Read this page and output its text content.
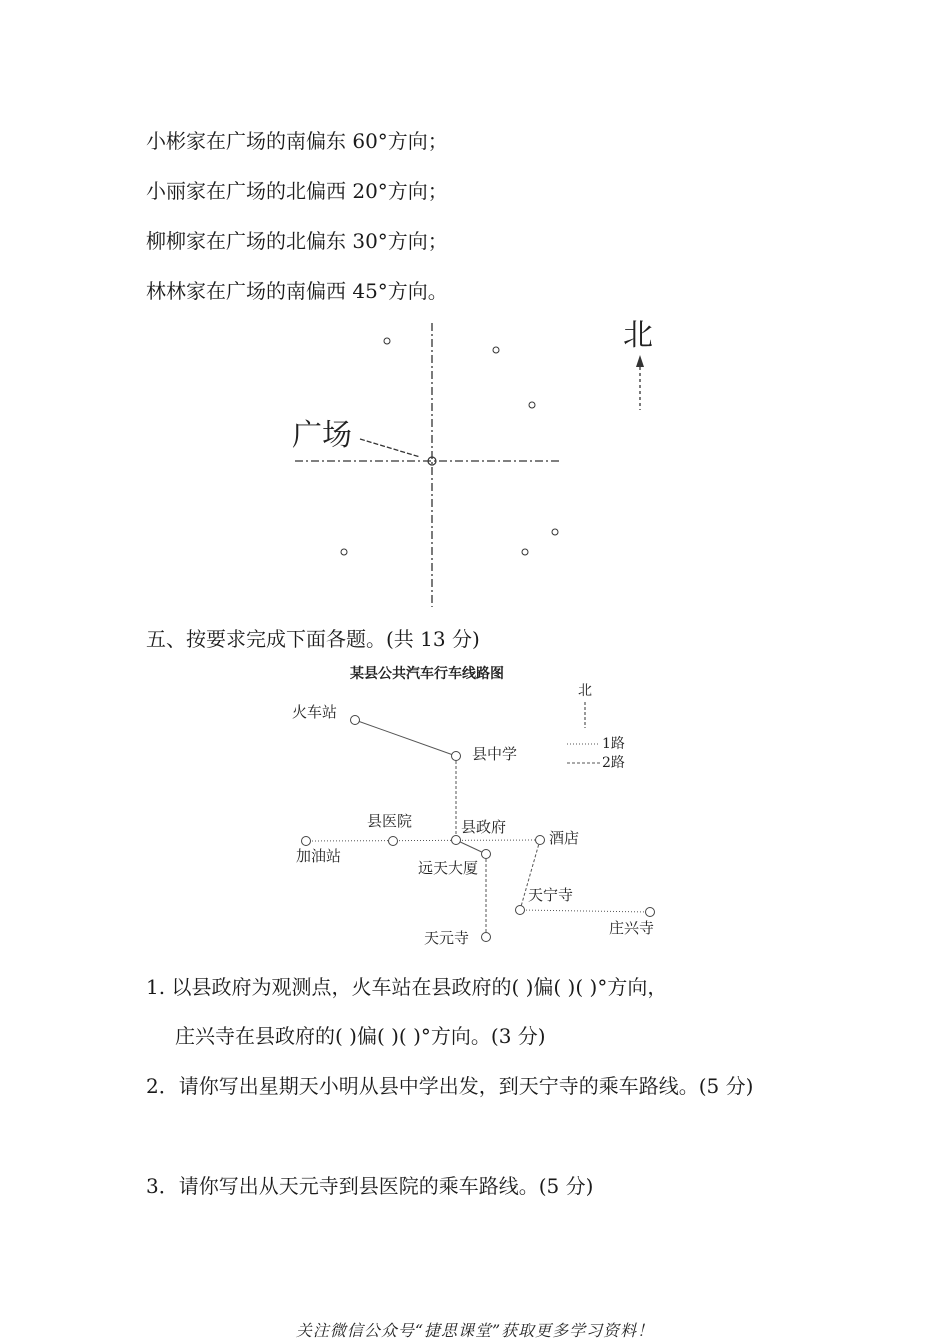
小彬家在广场的南偏东 60°方向；
小丽家在广场的北偏西 20°方向；
柳柳家在广场的北偏东 30°方向；
林林家在广场的南偏西 45°方向。
广场
北
五、按要求完成下面各题。(共 13 分)
某县公共汽车行车线路图
北
1路
2路
火车站
县中学
县医院	县政府
加油站
酒店
远天大厦
天宁寺
庄兴寺
天元寺
1. 以县政府为观测点，火车站在县政府的( )偏( )( )°方向，
庄兴寺在县政府的( )偏( )( )°方向。(3 分)
2．请你写出星期天小明从县中学出发，到天宁寺的乘车路线。(5 分)
3．请你写出从天元寺到县医院的乘车路线。(5 分)
关注微信公众号“捷思课堂”获取更多学习资料！
